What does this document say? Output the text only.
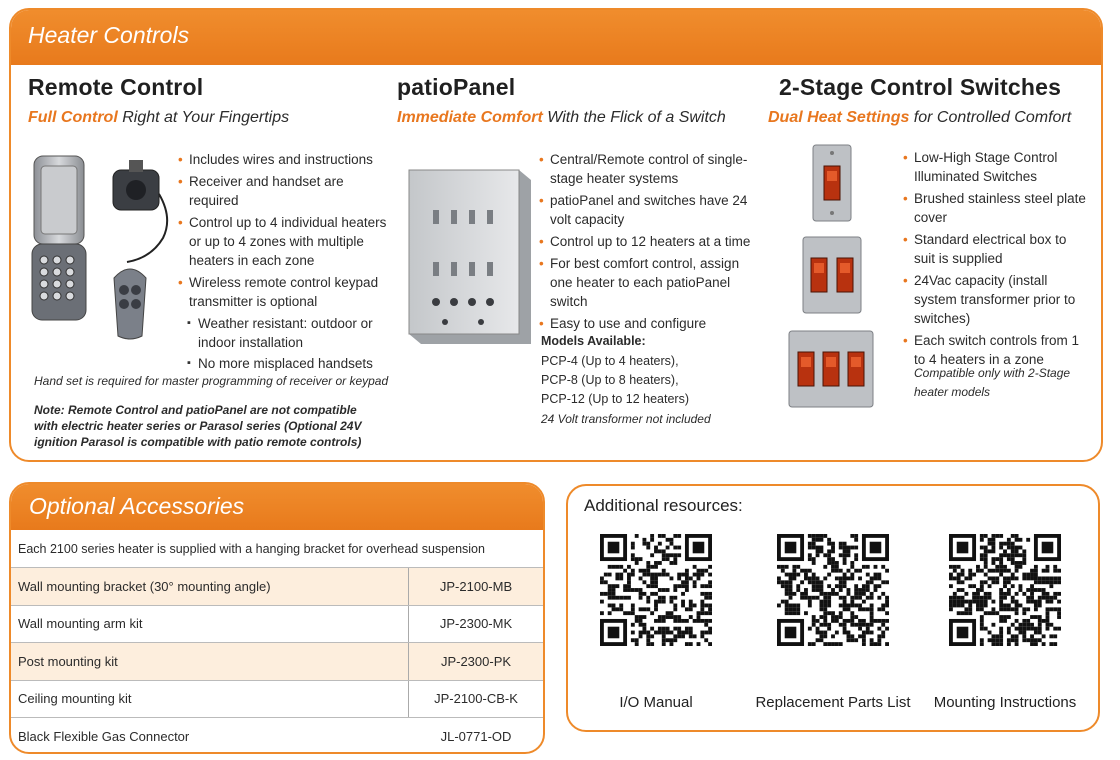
Heater Controls
Remote Control
Full Control Right at Your Fingertips
• Includes wires and instructions
• Receiver and handset are required
• Control up to 4 individual heaters or up to 4 zones with multiple heaters in each zone
• Wireless remote control keypad transmitter is optional
▪ Weather resistant: outdoor or indoor installation
▪ No more misplaced handsets
Hand set is required for master programming of receiver or keypad
Note: Remote Control and patioPanel are not compatible with electric heater series or Parasol series (Optional 24V ignition Parasol is compatible with patio remote controls)
patioPanel
Immediate Comfort With the Flick of a Switch
• Central/Remote control of single-stage heater systems
• patioPanel and switches have 24 volt capacity
• Control up to 12 heaters at a time
• For best comfort control, assign one heater to each patioPanel switch
• Easy to use and configure
Models Available:
PCP-4 (Up to 4 heaters),
PCP-8 (Up to 8 heaters),
PCP-12 (Up to 12 heaters)
24 Volt transformer not included
2-Stage Control Switches
Dual Heat Settings for Controlled Comfort
• Low-High Stage Control Illuminated Switches
• Brushed stainless steel plate cover
• Standard electrical box to suit is supplied
• 24Vac capacity (install system transformer prior to switches)
• Each switch controls from 1 to 4 heaters in a zone
Compatible only with 2-Stage heater models
Optional Accessories
Each 2100 series heater is supplied with a hanging bracket for overhead suspension
Wall mounting bracket (30° mounting angle)	JP-2100-MB
Wall mounting arm kit	JP-2300-MK
Post mounting kit	JP-2300-PK
Ceiling mounting kit	JP-2100-CB-K
Black Flexible Gas Connector	JL-0771-OD
Additional resources:
I/O Manual	Replacement Parts List	Mounting Instructions
